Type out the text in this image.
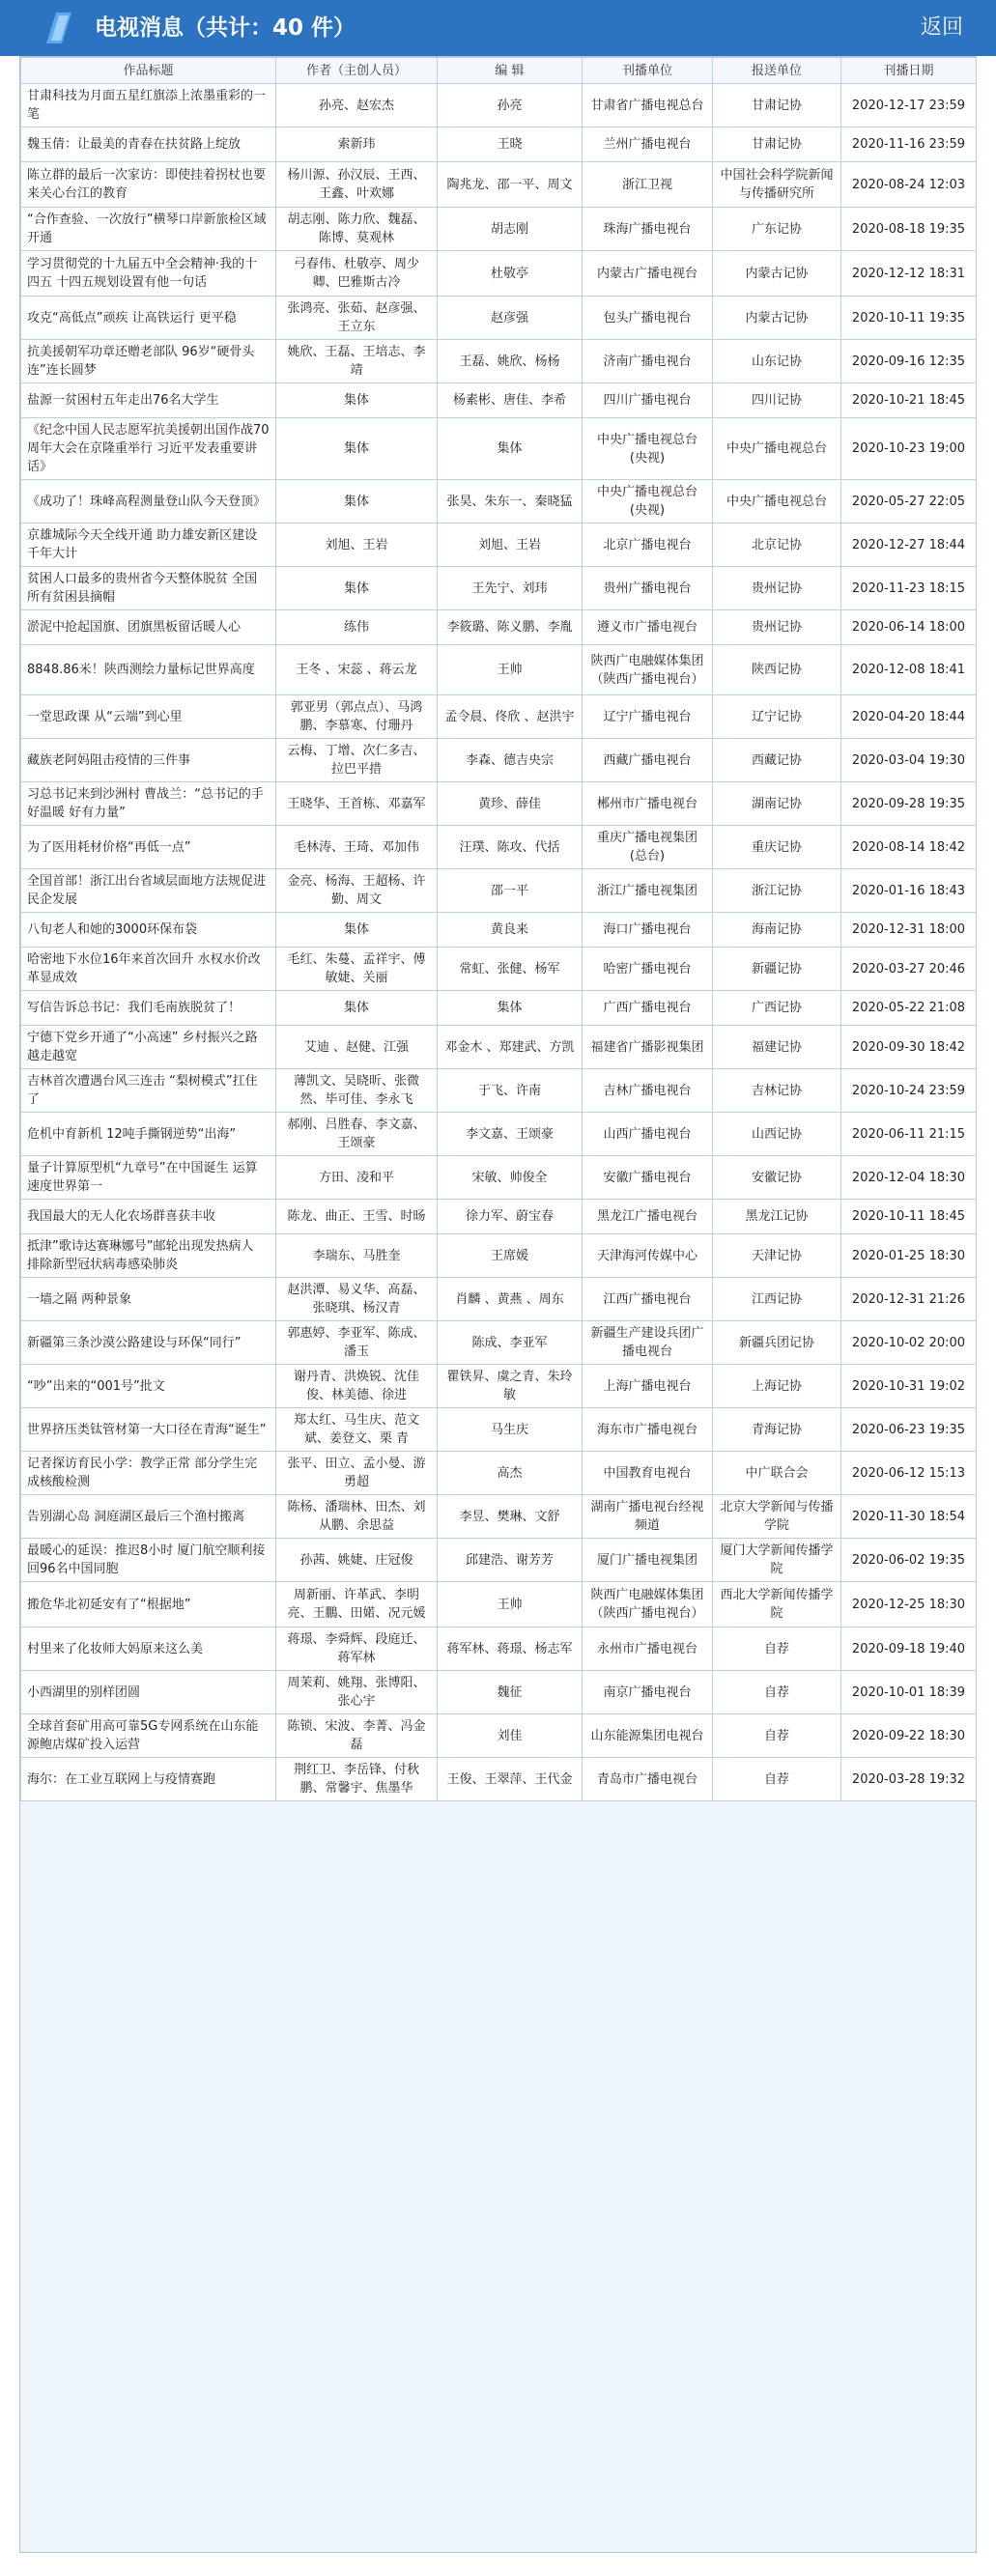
电视消息（共计：40 件）	返回
作品标题	作者（主创人员）	编 辑	刊播单位	报送单位	刊播日期
甘肃科技为月面五星红旗添上浓墨重彩的一笔	孙亮、赵宏杰	孙亮	甘肃省广播电视总台	甘肃记协	2020-12-17 23:59
魏玉倩：让最美的青春在扶贫路上绽放	索新玮	王晓	兰州广播电视台	甘肃记协	2020-11-16 23:59
陈立群的最后一次家访：即使挂着拐杖也要来关心台江的教育	杨川源、孙汉辰、王西、王鑫、叶欢娜	陶兆龙、邵一平、周文	浙江卫视	中国社会科学院新闻与传播研究所	2020-08-24 12:03
“合作查验、一次放行”横琴口岸新旅检区域开通	胡志刚、陈力欣、魏磊、陈博、莫观林	胡志刚	珠海广播电视台	广东记协	2020-08-18 19:35
学习贯彻党的十九届五中全会精神·我的十四五 十四五规划设置有他一句话	弓春伟、杜敬亭、周少卿、巴雅斯古冷	杜敬亭	内蒙古广播电视台	内蒙古记协	2020-12-12 18:31
攻克“高低点”顽疾 让高铁运行 更平稳	张鸿亮、张茹、赵彦强、王立东	赵彦强	包头广播电视台	内蒙古记协	2020-10-11 19:35
抗美援朝军功章还赠老部队 96岁“硬骨头连”连长圆梦	姚欣、王磊、王培志、李靖	王磊、姚欣、杨杨	济南广播电视台	山东记协	2020-09-16 12:35
盐源一贫困村五年走出76名大学生	集体	杨素彬、唐佳、李希	四川广播电视台	四川记协	2020-10-21 18:45
《纪念中国人民志愿军抗美援朝出国作战70周年大会在京隆重举行 习近平发表重要讲话》	集体	集体	中央广播电视总台(央视)	中央广播电视总台	2020-10-23 19:00
《成功了！珠峰高程测量登山队今天登顶》	集体	张昊、朱东一、秦晓猛	中央广播电视总台(央视)	中央广播电视总台	2020-05-27 22:05
京雄城际今天全线开通 助力雄安新区建设千年大计	刘旭、王岩	刘旭、王岩	北京广播电视台	北京记协	2020-12-27 18:44
贫困人口最多的贵州省今天整体脱贫 全国所有贫困县摘帽	集体	王先宁、刘玮	贵州广播电视台	贵州记协	2020-11-23 18:15
淤泥中抢起国旗、团旗黑板留话暖人心	练伟	李筱璐、陈义鹏、李胤	遵义市广播电视台	贵州记协	2020-06-14 18:00
8848.86米！陕西测绘力量标记世界高度	王冬 、宋蕊 、蒋云龙	王帅	陕西广电融媒体集团（陕西广播电视台）	陕西记协	2020-12-08 18:41
一堂思政课 从“云端”到心里	郭亚男（郭点点）、马鸿鹏、李慕寒、付珊丹	孟令晨、佟欣 、赵洪宇	辽宁广播电视台	辽宁记协	2020-04-20 18:44
藏族老阿妈阻击疫情的三件事	云梅、丁增、次仁多吉、拉巴平措	李森、德吉央宗	西藏广播电视台	西藏记协	2020-03-04 19:30
习总书记来到沙洲村 曹战兰：“总书记的手好温暖 好有力量”	王晓华、王首栋、邓嘉军	黄珍、薛佳	郴州市广播电视台	湖南记协	2020-09-28 19:35
为了医用耗材价格“再低一点”	毛林涛、王琦、邓加伟	汪璞、陈攻、代括	重庆广播电视集团(总台)	重庆记协	2020-08-14 18:42
全国首部！浙江出台省域层面地方法规促进民企发展	金亮、杨海、王超杨、许勤、周文	邵一平	浙江广播电视集团	浙江记协	2020-01-16 18:43
八旬老人和她的3000环保布袋	集体	黄良来	海口广播电视台	海南记协	2020-12-31 18:00
哈密地下水位16年来首次回升 水权水价改革显成效	毛红、朱蔓、孟祥宇、傅敏婕、关丽	常虹、张健、杨军	哈密广播电视台	新疆记协	2020-03-27 20:46
写信告诉总书记：我们毛南族脱贫了！	集体	集体	广西广播电视台	广西记协	2020-05-22 21:08
宁德下党乡开通了“小高速” 乡村振兴之路越走越宽	艾迪 、赵健、江强	邓金木 、郑建武、方凯	福建省广播影视集团	福建记协	2020-09-30 18:42
吉林首次遭遇台风三连击 “梨树模式”扛住了	薄凯文、吴晓昕、张微然、毕可佳、李永飞	于飞、许南	吉林广播电视台	吉林记协	2020-10-24 23:59
危机中育新机 12吨手撕钢逆势“出海”	郝刚、吕胜春、李文嘉、王颂豪	李文嘉、王颂豪	山西广播电视台	山西记协	2020-06-11 21:15
量子计算原型机“九章号”在中国诞生 运算速度世界第一	方田、凌和平	宋敏、帅俊全	安徽广播电视台	安徽记协	2020-12-04 18:30
我国最大的无人化农场群喜获丰收	陈龙、曲正、王雪、时旸	徐力军、蔚宝春	黑龙江广播电视台	黑龙江记协	2020-10-11 18:45
抵津”歌诗达赛琳娜号”邮轮出现发热病人 排除新型冠状病毒感染肺炎	李瑞东、马胜奎	王席媛	天津海河传媒中心	天津记协	2020-01-25 18:30
一墙之隔 两种景象	赵洪潭、易义华、高磊、张晓琪、杨汉青	肖麟 、黄燕 、周东	江西广播电视台	江西记协	2020-12-31 21:26
新疆第三条沙漠公路建设与环保“同行”	郭惠婷、李亚军、陈成、潘玉	陈成、李亚军	新疆生产建设兵团广播电视台	新疆兵团记协	2020-10-02 20:00
“吵”出来的“001号”批文	谢丹青、洪焕锐、沈佳俊、林美德、徐进	瞿铁昇、虞之青、朱玲敏	上海广播电视台	上海记协	2020-10-31 19:02
世界挤压类钛管材第一大口径在青海“诞生”	郑太红、马生庆、范文斌、姜登文、栗 青	马生庆	海东市广播电视台	青海记协	2020-06-23 19:35
记者探访育民小学：教学正常 部分学生完成核酸检测	张平、田立、孟小曼、游勇超	高杰	中国教育电视台	中广联合会	2020-06-12 15:13
告别湖心岛 洞庭湖区最后三个渔村搬离	陈杨、潘瑞林、田杰、刘从鹏、余思益	李昱、樊琳、文舒	湖南广播电视台经视频道	北京大学新闻与传播学院	2020-11-30 18:54
最暖心的延误：推迟8小时 厦门航空顺利接回96名中国同胞	孙茜、姚婕、庄冠俊	邱建浩、谢芳芳	厦门广播电视集团	厦门大学新闻传播学院	2020-06-02 19:35
搬危华北初延安有了“根据地”	周新丽、许革武、李明亮、王鵬、田婼、况元媛	王帅	陕西广电融媒体集团（陕西广播电视台）	西北大学新闻传播学院	2020-12-25 18:30
村里来了化妆师大妈原来这么美	蒋璟、李舜辉、段庭迁、蒋军林	蒋军林、蒋璟、杨志军	永州市广播电视台	自荐	2020-09-18 19:40
小西湖里的别样团圆	周茉莉、姚翔、张博阳、张心宇	魏征	南京广播电视台	自荐	2020-10-01 18:39
全球首套矿用高可靠5G专网系统在山东能源鲍店煤矿投入运营	陈锁、宋波、李菁、冯金磊	刘佳	山东能源集团电视台	自荐	2020-09-22 18:30
海尔：在工业互联网上与疫情赛跑	荆红卫、李岳锋、付秋鹏、常馨宇、焦墨华	王俊、王翠萍、王代金	青岛市广播电视台	自荐	2020-03-28 19:32
